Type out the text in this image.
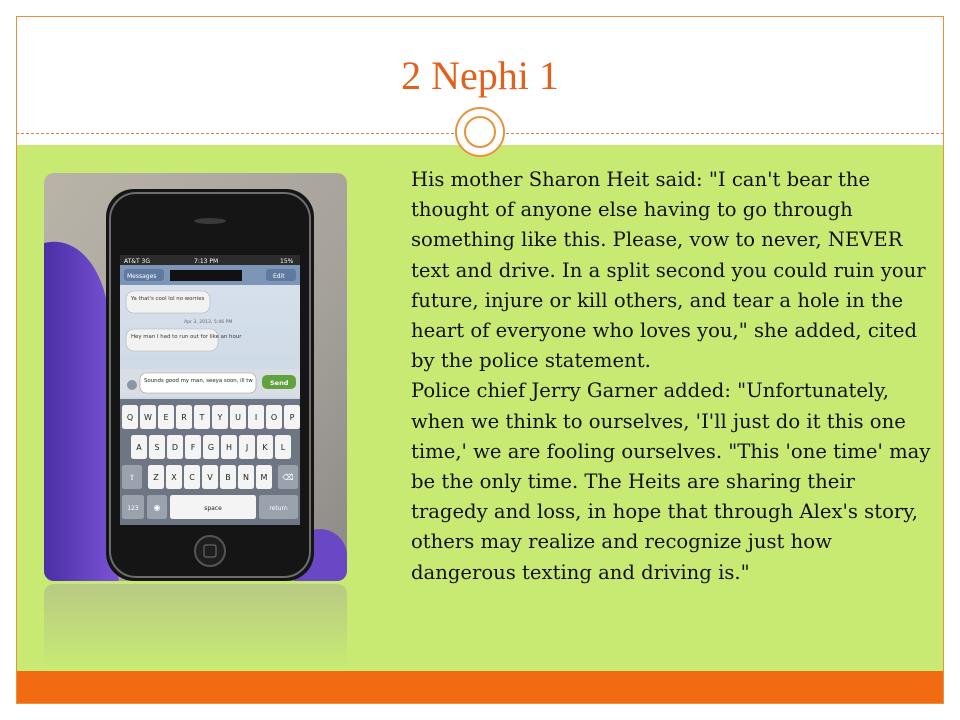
2 Nephi 1
AT&T 3G	7:13 PM	15%
Messages	Edit
Ya that's cool lol no worries
Apr 3, 2013, 5:46 PM
Hey man I had to run out for like an hour
Sounds good my man, seeya soon, ill tw	Send
Q W E R T Y U I O P
A S D F G H J K L
⇧ Z X C V B N M ⌫
123 ◉	space	return

His mother Sharon Heit said: "I can't bear the thought of anyone else having to go through something like this. Please, vow to never, NEVER text and drive. In a split second you could ruin your future, injure or kill others, and tear a hole in the heart of everyone who loves you," she added, cited by the police statement.

Police chief Jerry Garner added: "Unfortunately, when we think to ourselves, 'I'll just do it this one time,' we are fooling ourselves. "This 'one time' may be the only time. The Heits are sharing their tragedy and loss, in hope that through Alex's story, others may realize and recognize just how dangerous texting and driving is."
